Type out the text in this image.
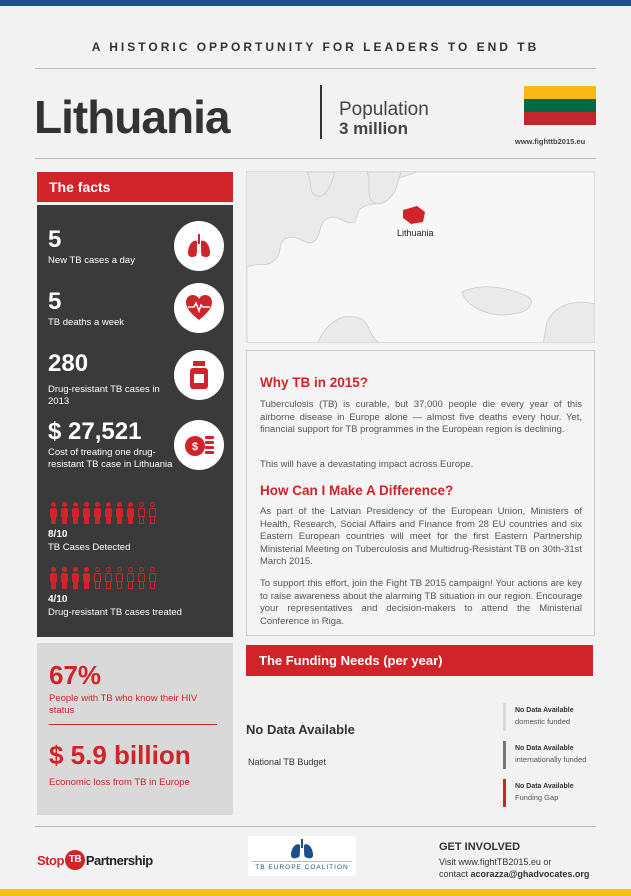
A HISTORIC OPPORTUNITY FOR LEADERS TO END TB
Lithuania	Population
3 million
www.fighttb2015.eu
The facts
5
New TB cases a day
5
TB deaths a week
280
Drug-resistant TB cases in 2013
$ 27,521
Cost of treating one drug-resistant TB case in Lithuania
$
8/10
TB Cases Detected
4/10
Drug-resistant TB cases treated
67%
People with TB who know their HIV status
$ 5.9 billion
Economic loss from TB in Europe
Lithuania
Why TB in 2015?

Tuberculosis (TB) is curable, but 37,000 people die every year of this airborne disease in Europe alone — almost five deaths every hour. Yet, financial support for TB programmes in the European region is declining.

This will have a devastating impact across Europe.

How Can I Make A Difference?

As part of the Latvian Presidency of the European Union, Ministers of Health, Research, Social Affairs and Finance from 28 EU countries and six Eastern European countries will meet for the first Eastern Partnership Ministerial Meeting on Tuberculosis and Multidrug-Resistant TB on 30th-31st March 2015.

To support this effort, join the Fight TB 2015 campaign! Your actions are key to raise awareness about the alarming TB situation in our region. Encourage your representatives and decision-makers to attend the Ministerial Conference in Riga.

The Funding Needs (per year)
No Data Available
National TB Budget
No Data Available
domestic funded
No Data Available
internationally funded
No Data Available
Funding Gap
Stop TB Partnership	TB EUROPE COALITION
GET INVOLVED
Visit www.fightTB2015.eu or
contact acorazza@ghadvocates.org
